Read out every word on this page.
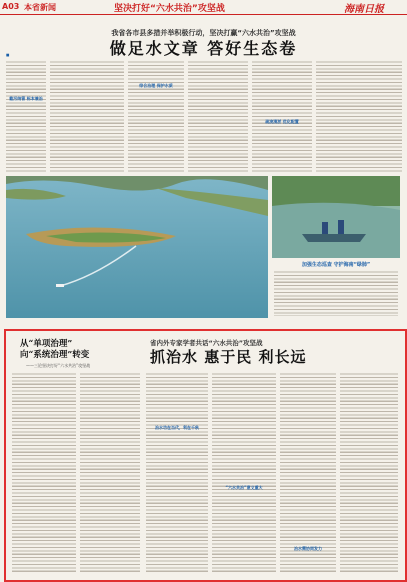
A03 本省新闻	坚决打好“六水共治”攻坚战	海南日报
我省各市县多措并举积极行动，坚决打赢“六水共治”攻坚战
做足水文章 答好生态卷
■
截污纳管 标本兼治
综合治理 保护水质
疏浚清淤 优化配置
加强生态巡查 守护海南“绿肺”
从“单项治理”
向“系统治理”转变
——三论坚决打好“六水共治”攻坚战
省内外专家学者共话“六水共治”攻坚战
抓治水 惠于民 利长远
治水功在当代，利在千秋
“六水共治”意义重大
治水需协同发力
